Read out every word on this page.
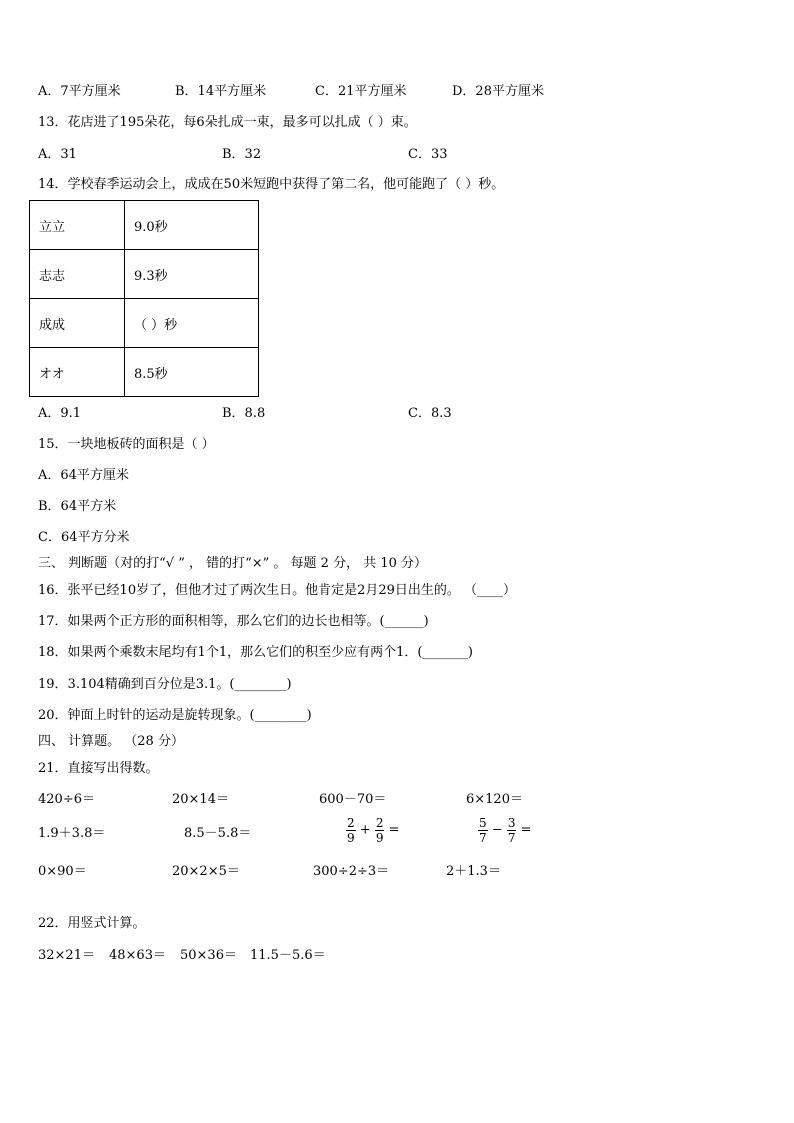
A．7平方厘米	B．14平方厘米	C．21平方厘米	D．28平方厘米
13．花店进了195朵花，每6朵扎成一束，最多可以扎成（ ）束。
A．31	B．32	C．33
14．学校春季运动会上，成成在50米短跑中获得了第二名，他可能跑了（ ）秒。
立立	9.0秒
志志	9.3秒
成成	（ ）秒
オオ	8.5秒
A．9.1	B．8.8	C．8.3
15．一块地板砖的面积是（ ）
A．64平方厘米
B．64平方米
C．64平方分米
三、 判断题（对的打“√ ” ， 错的打“×” 。 每题 2 分， 共 10 分）
16．张平已经10岁了，但他才过了两次生日。他肯定是2月29日出生的。 （____）
17．如果两个正方形的面积相等，那么它们的边长也相等。(______)
18．如果两个乘数末尾均有1个1，那么它们的积至少应有两个1．(_______)
19．3.104精确到百分位是3.1。(________)
20．钟面上时针的运动是旋转现象。(________)
四、 计算题。 （28 分）
21．直接写出得数。
420÷6＝	20×14＝	600－70＝	6×120＝
1.9＋3.8＝	8.5－5.8＝	$\frac{2}{9} + \frac{2}{9}$ =	$\frac{5}{7} - \frac{3}{7}$ =
0×90＝	20×2×5＝	300÷2÷3＝	2＋1.3＝
22．用竖式计算。
32×21＝ 48×63＝ 50×36＝ 11.5－5.6＝
